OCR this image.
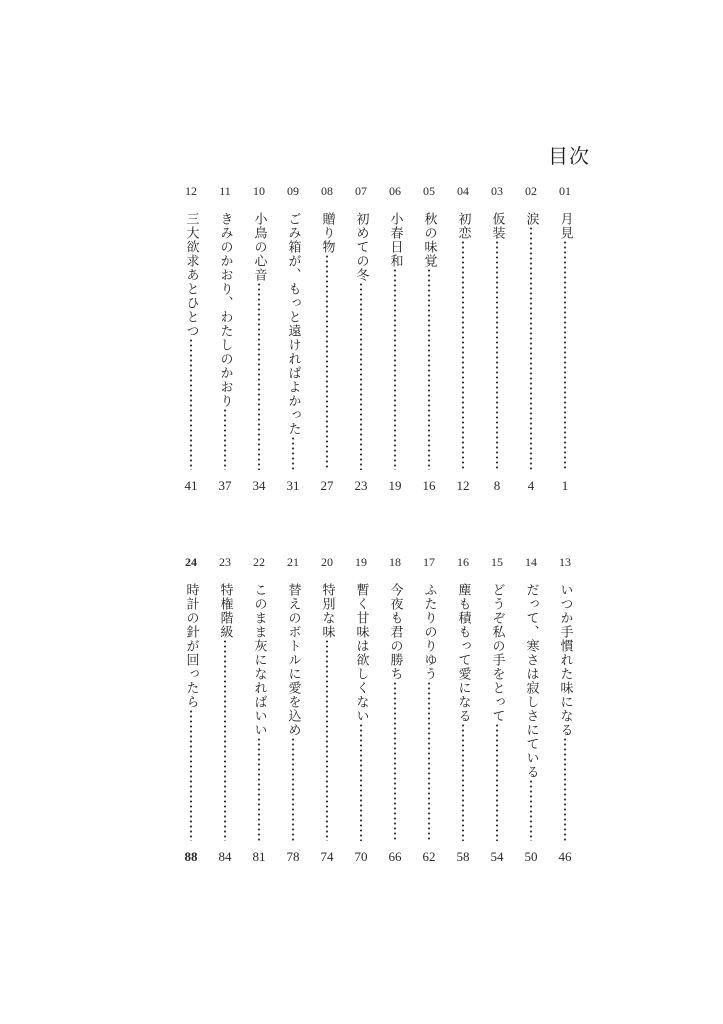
目次
01
月見
1
02
涙
4
03
仮装
8
04
初恋
12
05
秋の味覚
16
06
小春日和
19
07
初めての冬
23
08
贈り物
27
09
ごみ箱が、もっと遠ければよかった
31
10
小鳥の心音
34
11
きみのかおり、わたしのかおり
37
12
三大欲求あとひとつ
41
13
いつか手慣れた味になる
46
14
だって、寒さは寂しさにている
50
15
どうぞ私の手をとって
54
16
塵も積もって愛になる
58
17
ふたりのりゆう
62
18
今夜も君の勝ち
66
19
暫く甘味は欲しくない
70
20
特別な味
74
21
替えのボトルに愛を込め
78
22
このまま灰になればいい
81
23
特権階級
84
24
時計の針が回ったら
88
